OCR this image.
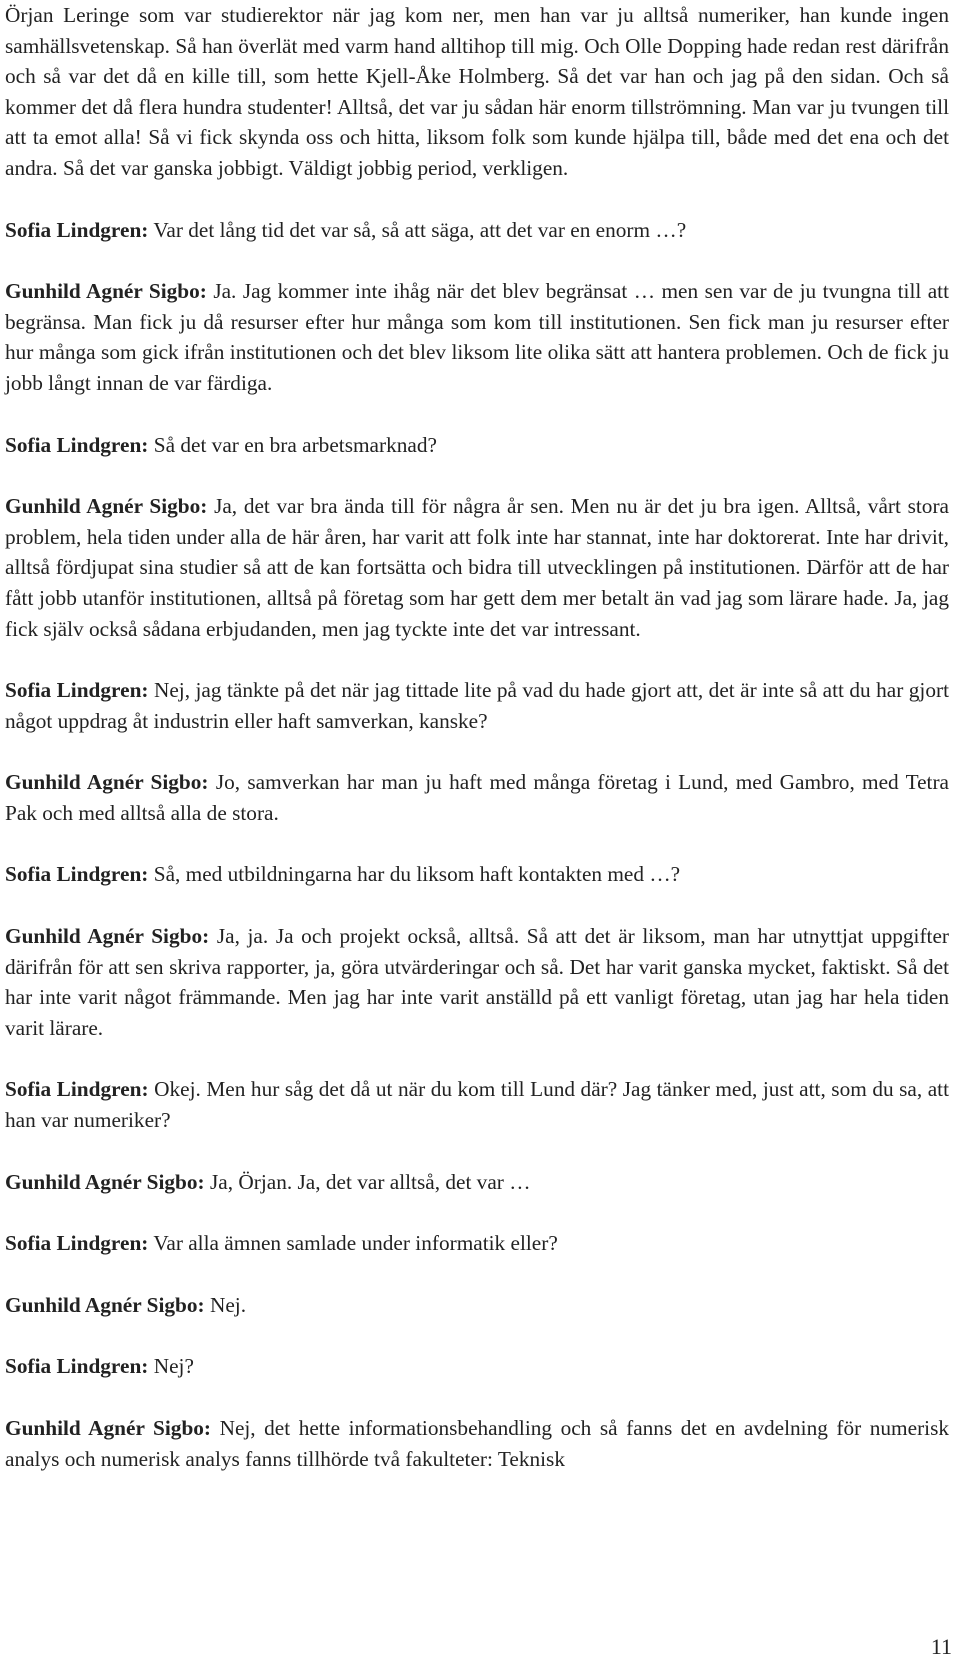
Örjan Leringe som var studierektor när jag kom ner, men han var ju alltså numeriker, han kunde ingen samhällsvetenskap. Så han överlät med varm hand alltihop till mig. Och Olle Dopping hade redan rest därifrån och så var det då en kille till, som hette Kjell-Åke Holmberg. Så det var han och jag på den sidan. Och så kommer det då flera hundra studenter! Alltså, det var ju sådan här enorm tillströmning. Man var ju tvungen till att ta emot alla! Så vi fick skynda oss och hitta, liksom folk som kunde hjälpa till, både med det ena och det andra. Så det var ganska jobbigt. Väldigt jobbig period, verkligen.

Sofia Lindgren: Var det lång tid det var så, så att säga, att det var en enorm …?

Gunhild Agnér Sigbo: Ja. Jag kommer inte ihåg när det blev begränsat … men sen var de ju tvungna till att begränsa. Man fick ju då resurser efter hur många som kom till institutionen. Sen fick man ju resurser efter hur många som gick ifrån institutionen och det blev liksom lite olika sätt att hantera problemen. Och de fick ju jobb långt innan de var färdiga.

Sofia Lindgren: Så det var en bra arbetsmarknad?

Gunhild Agnér Sigbo: Ja, det var bra ända till för några år sen. Men nu är det ju bra igen. Alltså, vårt stora problem, hela tiden under alla de här åren, har varit att folk inte har stannat, inte har doktorerat. Inte har drivit, alltså fördjupat sina studier så att de kan fortsätta och bidra till utvecklingen på institutionen. Därför att de har fått jobb utanför institutionen, alltså på företag som har gett dem mer betalt än vad jag som lärare hade. Ja, jag fick själv också sådana erbjudanden, men jag tyckte inte det var intressant.

Sofia Lindgren: Nej, jag tänkte på det när jag tittade lite på vad du hade gjort att, det är inte så att du har gjort något uppdrag åt industrin eller haft samverkan, kanske?

Gunhild Agnér Sigbo: Jo, samverkan har man ju haft med många företag i Lund, med Gambro, med Tetra Pak och med alltså alla de stora.

Sofia Lindgren: Så, med utbildningarna har du liksom haft kontakten med …?

Gunhild Agnér Sigbo: Ja, ja. Ja och projekt också, alltså. Så att det är liksom, man har utnyttjat uppgifter därifrån för att sen skriva rapporter, ja, göra utvärderingar och så. Det har varit ganska mycket, faktiskt. Så det har inte varit något främmande. Men jag har inte varit anställd på ett vanligt företag, utan jag har hela tiden varit lärare.

Sofia Lindgren: Okej. Men hur såg det då ut när du kom till Lund där? Jag tänker med, just att, som du sa, att han var numeriker?

Gunhild Agnér Sigbo: Ja, Örjan. Ja, det var alltså, det var …

Sofia Lindgren: Var alla ämnen samlade under informatik eller?

Gunhild Agnér Sigbo: Nej.

Sofia Lindgren: Nej?

Gunhild Agnér Sigbo: Nej, det hette informationsbehandling och så fanns det en avdelning för numerisk analys och numerisk analys fanns tillhörde två fakulteter: Teknisk

11
